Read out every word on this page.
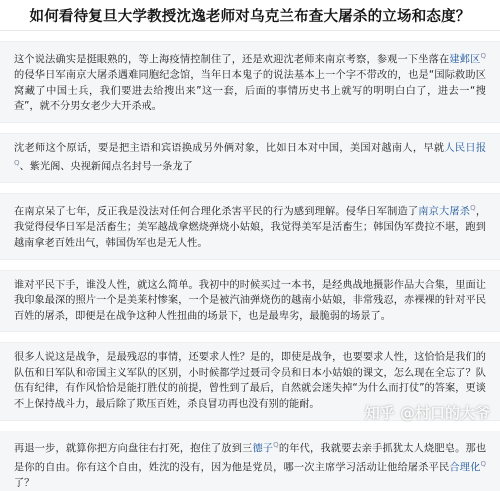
如何看待复旦大学教授沈逸老师对乌克兰布查大屠杀的立场和态度？

这个说法确实是挺眼熟的，等上海疫情控制住了，还是欢迎沈老师来南京考察，参观一下坐落在建邺区$^Q$的侵华日军南京大屠杀遇难同胞纪念馆，当年日本鬼子的说法基本上一个字不带改的，也是“国际救助区窝藏了中国士兵，我们要进去给搜出来”这一套，后面的事情历史书上就写的明明白白了，进去一“搜查”，就不分男女老少大开杀戒。

沈老师这个原话，要是把主语和宾语换成另外俩对象，比如日本对中国，美国对越南人，早就人民日报$^Q$、紫光阁、央视新闻点名封号一条龙了

在南京呆了七年，反正我是没法对任何合理化杀害平民的行为感到理解。侵华日军制造了南京大屠杀$^Q$，我觉得侵华日军是活畜生；美军越战拿燃烧弹烧小姑娘，我觉得美军是活畜生；韩国伪军费拉不堪，跑到越南拿老百姓出气，韩国伪军也是无人性。

谁对平民下手，谁没人性，就这么简单。我初中的时候买过一本书，是经典战地摄影作品大合集，里面让我印象最深的照片一个是美莱村惨案，一个是被汽油弹烧伤的越南小姑娘，非常残忍，赤裸裸的针对平民百姓的屠杀，即便是在战争这种人性扭曲的场景下，也是最卑劣，最脆弱的场景了。

很多人说这是战争，是最残忍的事情，还要求人性？是的，即使是战争，也要要求人性，这恰恰是我们的队伍和日军队和帝国主义军队的区别，小时候都学过聂司令员和日本小姑娘的课文，怎么现在全忘了？队伍有纪律，有作风恰恰是能打胜仗的前提，曾性到了最后，自然就会迷失掉“为什么而打仗”的答案，更谈不上保持战斗力，最后除了欺压百姓，杀良冒功再也没有别的能耐。

再退一步，就算你把方向盘往右打死，抱住了放到三德子$^Q$的年代，我就要去亲手抓犹太人烧肥皂。那也是你的自由。你有这个自由，姓沈的没有，因为他是党员，哪一次主席学习活动让他给屠杀平民合理化$^Q$了？

知乎 @村口的大爷
